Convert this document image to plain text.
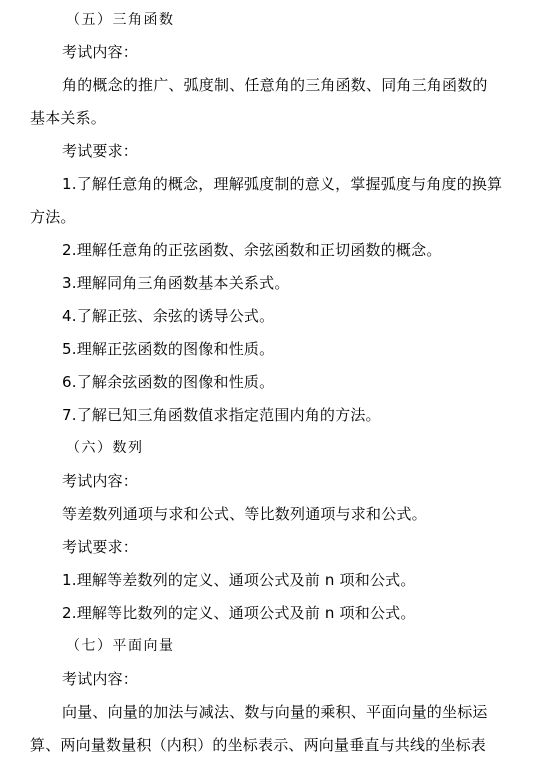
（五）三角函数
考试内容：
角的概念的推广、弧度制、任意角的三角函数、同角三角函数的
基本关系。
考试要求：
1.了解任意角的概念，理解弧度制的意义，掌握弧度与角度的换算
方法。
2.理解任意角的正弦函数、余弦函数和正切函数的概念。
3.理解同角三角函数基本关系式。
4.了解正弦、余弦的诱导公式。
5.理解正弦函数的图像和性质。
6.了解余弦函数的图像和性质。
7.了解已知三角函数值求指定范围内角的方法。
（六）数列
考试内容：
等差数列通项与求和公式、等比数列通项与求和公式。
考试要求：
1.理解等差数列的定义、通项公式及前 n 项和公式。
2.理解等比数列的定义、通项公式及前 n 项和公式。
（七）平面向量
考试内容：
向量、向量的加法与减法、数与向量的乘积、平面向量的坐标运
算、两向量数量积（内积）的坐标表示、两向量垂直与共线的坐标表
